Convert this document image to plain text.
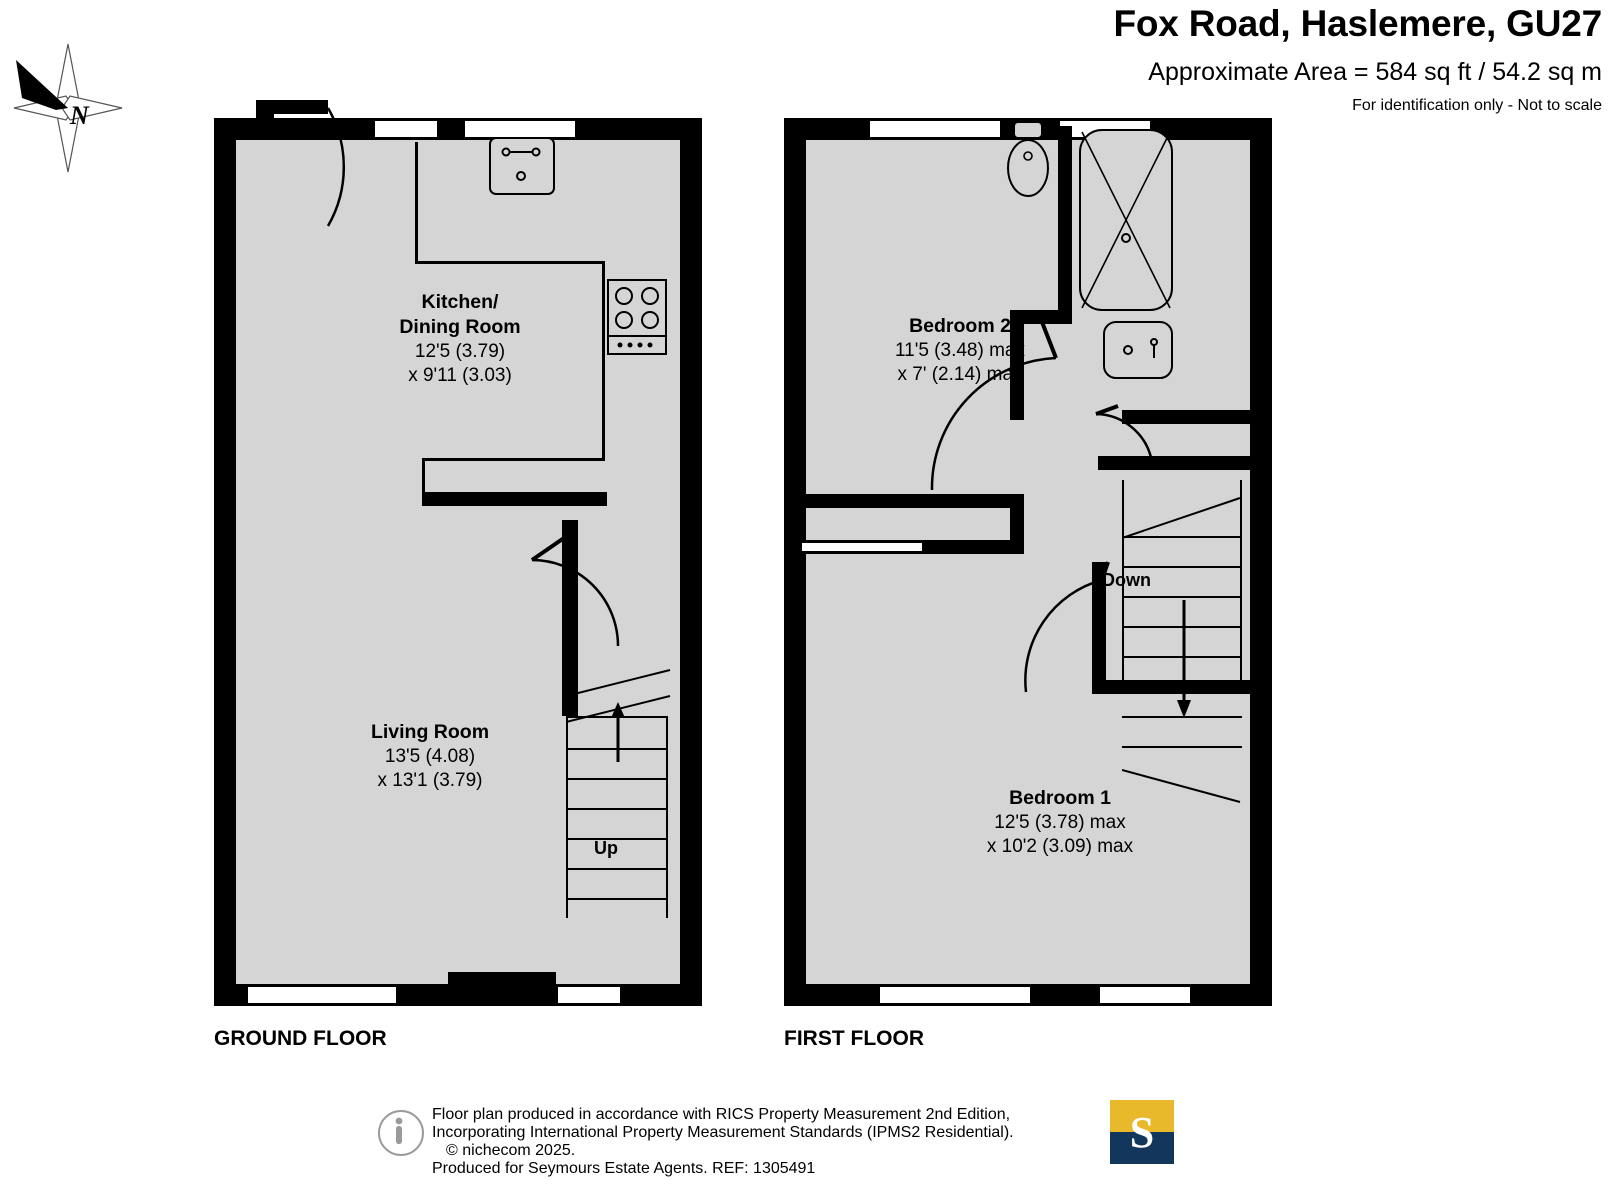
Fox Road, Haslemere, GU27
Approximate Area = 584 sq ft / 54.2 sq m
For identification only - Not to scale
N
Kitchen/
Dining Room
12'5 (3.79)
x 9'11 (3.03)
Living Room
13'5 (4.08)
x 13'1 (3.79)
Up
Bedroom 2
11'5 (3.48) max
x 7' (2.14) max
Bedroom 1
12'5 (3.78) max
x 10'2 (3.09) max
Down
GROUND FLOOR	FIRST FLOOR
Floor plan produced in accordance with RICS Property Measurement 2nd Edition,
Incorporating International Property Measurement Standards (IPMS2 Residential). © nichecom 2025.
Produced for Seymours Estate Agents. REF: 1305491
S
